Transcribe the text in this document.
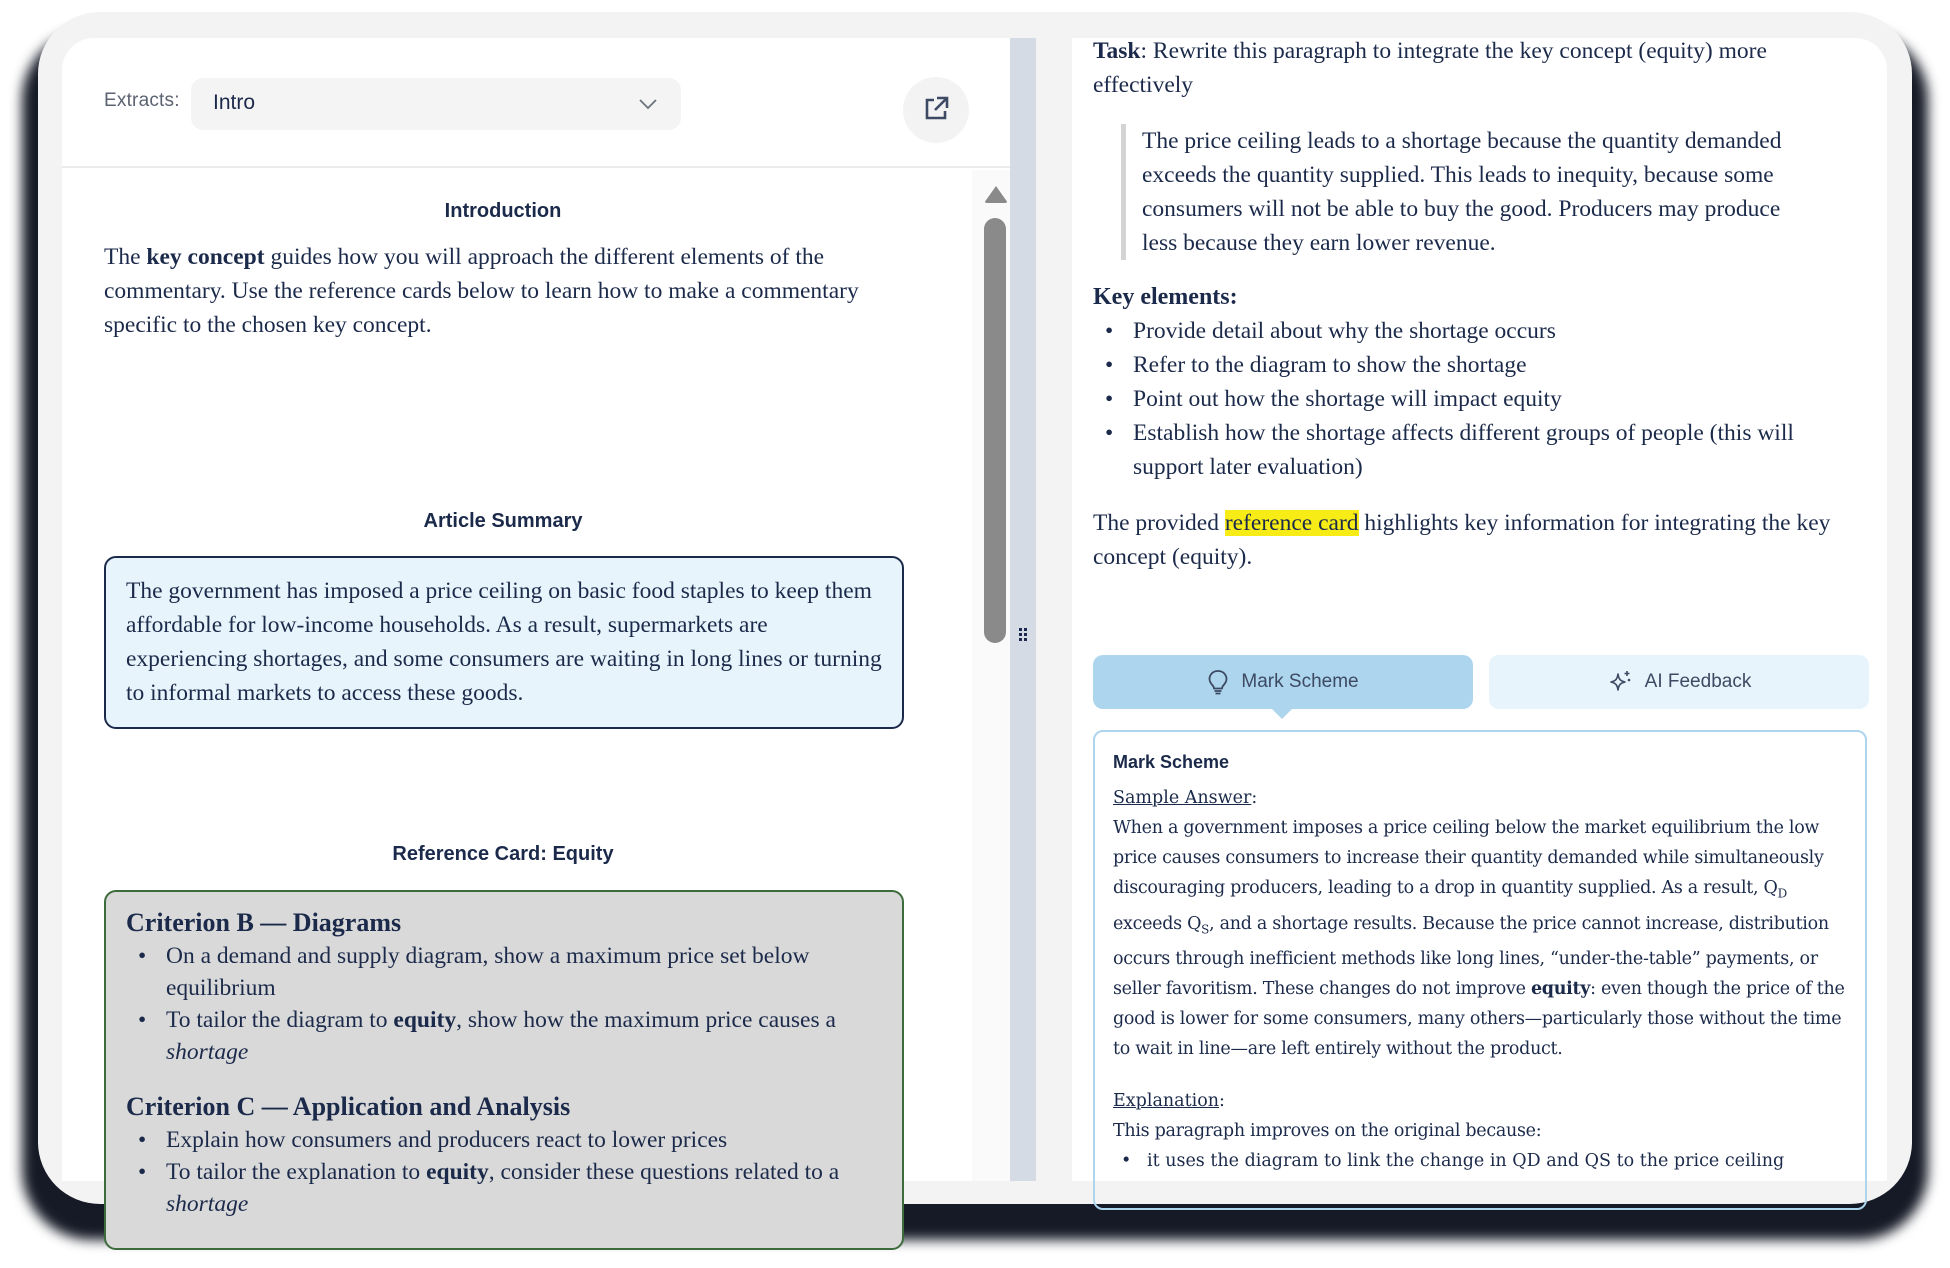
Extracts: Intro
Introduction

The key concept guides how you will approach the different elements of the commentary. Use the reference cards below to learn how to make a commentary specific to the chosen key concept.

Article Summary
The government has imposed a price ceiling on basic food staples to keep them affordable for low-income households. As a result, supermarkets are experiencing shortages, and some consumers are waiting in long lines or turning to informal markets to access these goods.
Reference Card: Equity
Criterion B — Diagrams
• On a demand and supply diagram, show a maximum price set below equilibrium
• To tailor the diagram to equity, show how the maximum price causes a shortage
Criterion C — Application and Analysis
• Explain how consumers and producers react to lower prices
• To tailor the explanation to equity, consider these questions related to a shortage

Task: Rewrite this paragraph to integrate the key concept (equity) more effectively

The price ceiling leads to a shortage because the quantity demanded exceeds the quantity supplied. This leads to inequity, because some consumers will not be able to buy the good. Producers may produce less because they earn lower revenue.
Key elements:
• Provide detail about why the shortage occurs
• Refer to the diagram to show the shortage
• Point out how the shortage will impact equity
• Establish how the shortage affects different groups of people (this will support later evaluation)

The provided reference card highlights key information for integrating the key concept (equity).

Mark Scheme	AI Feedback
Mark Scheme
Sample Answer:

When a government imposes a price ceiling below the market equilibrium the low price causes consumers to increase their quantity demanded while simultaneously discouraging producers, leading to a drop in quantity supplied. As a result, $Q_D$ exceeds $Q_S$, and a shortage results. Because the price cannot increase, distribution occurs through inefficient methods like long lines, “under-the-table” payments, or seller favoritism. These changes do not improve equity: even though the price of the good is lower for some consumers, many others—particularly those without the time to wait in line—are left entirely without the product.

Explanation:

This paragraph improves on the original because:

• it uses the diagram to link the change in QD and QS to the price ceiling
